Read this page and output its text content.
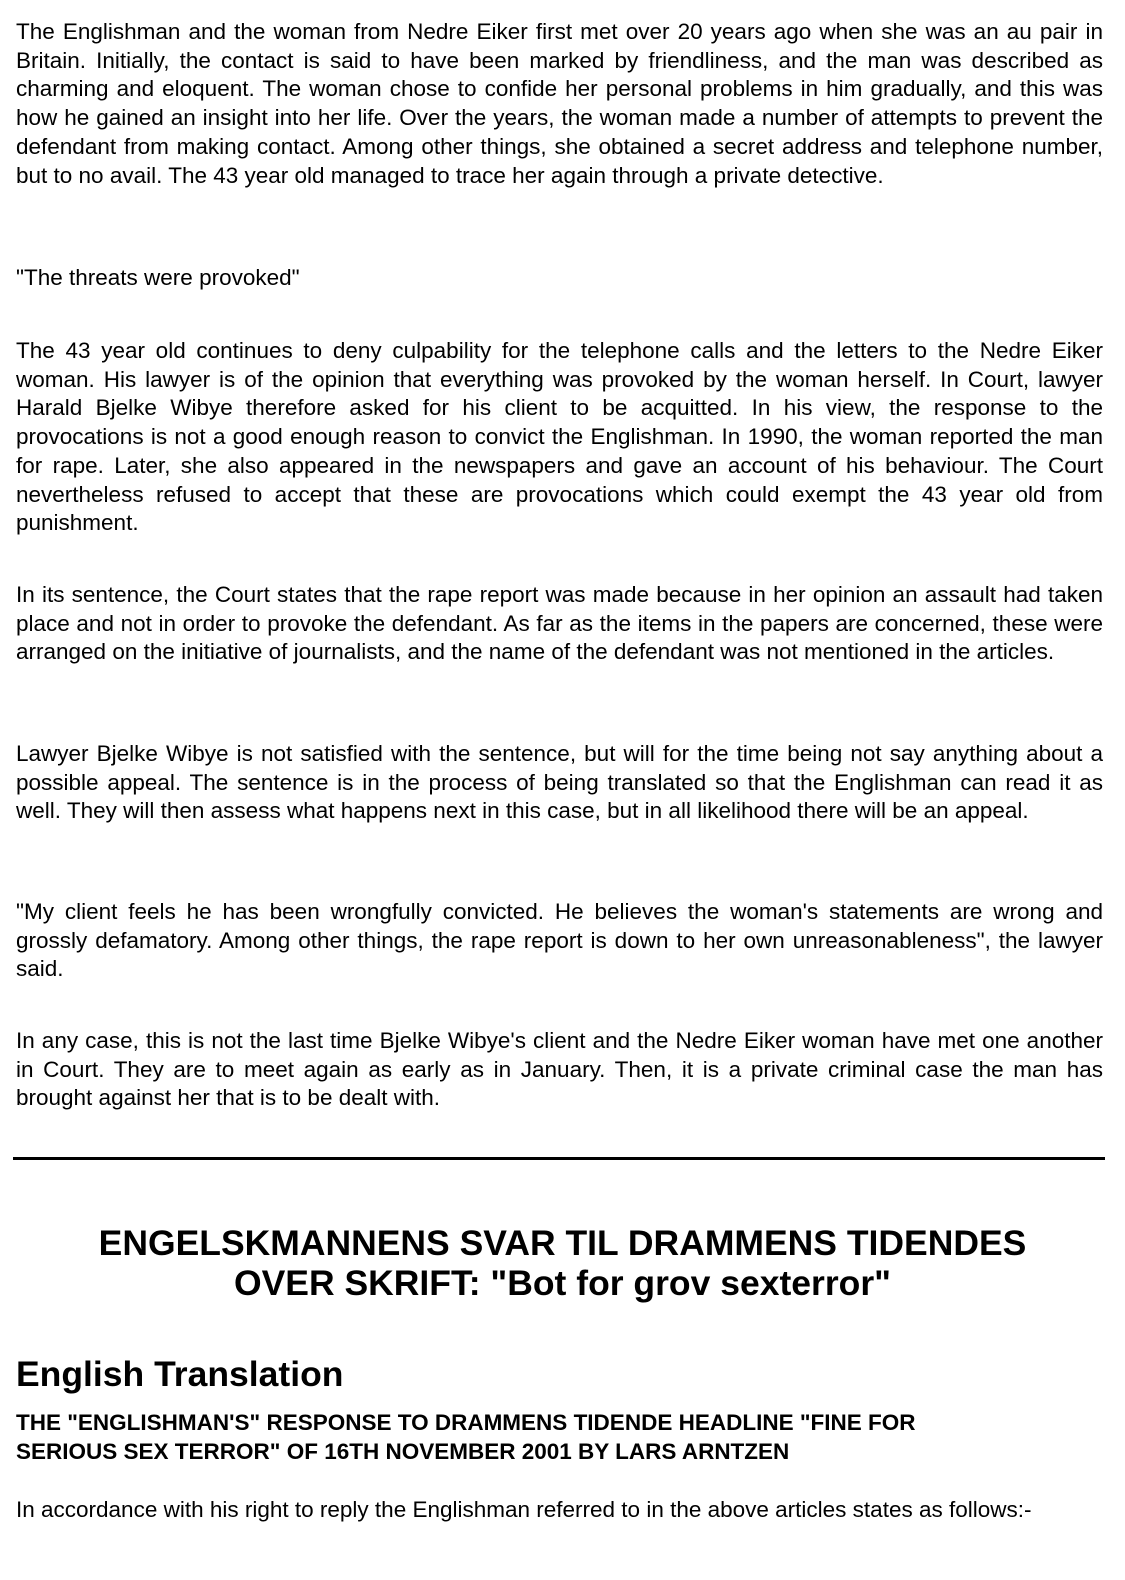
The Englishman and the woman from Nedre Eiker first met over 20 years ago when she was an au pair in Britain. Initially, the contact is said to have been marked by friendliness, and the man was described as charming and eloquent. The woman chose to confide her personal problems in him gradually, and this was how he gained an insight into her life. Over the years, the woman made a number of attempts to prevent the defendant from making contact. Among other things, she obtained a secret address and telephone number, but to no avail. The 43 year old managed to trace her again through a private detective.

"The threats were provoked"

The 43 year old continues to deny culpability for the telephone calls and the letters to the Nedre Eiker woman. His lawyer is of the opinion that everything was provoked by the woman herself. In Court, lawyer Harald Bjelke Wibye therefore asked for his client to be acquitted. In his view, the response to the provocations is not a good enough reason to convict the Englishman. In 1990, the woman reported the man for rape. Later, she also appeared in the newspapers and gave an account of his behaviour. The Court nevertheless refused to accept that these are provocations which could exempt the 43 year old from punishment.

In its sentence, the Court states that the rape report was made because in her opinion an assault had taken place and not in order to provoke the defendant. As far as the items in the papers are concerned, these were arranged on the initiative of journalists, and the name of the defendant was not mentioned in the articles.

Lawyer Bjelke Wibye is not satisfied with the sentence, but will for the time being not say anything about a possible appeal. The sentence is in the process of being translated so that the Englishman can read it as well. They will then assess what happens next in this case, but in all likelihood there will be an appeal.

"My client feels he has been wrongfully convicted. He believes the woman's statements are wrong and grossly defamatory. Among other things, the rape report is down to her own unreasonableness", the lawyer said.

In any case, this is not the last time Bjelke Wibye's client and the Nedre Eiker woman have met one another in Court. They are to meet again as early as in January. Then, it is a private criminal case the man has brought against her that is to be dealt with.

ENGELSKMANNENS SVAR TIL DRAMMENS TIDENDES
OVER SKRIFT: "Bot for grov sexterror"
English Translation
THE "ENGLISHMAN'S" RESPONSE TO DRAMMENS TIDENDE HEADLINE "FINE FOR
SERIOUS SEX TERROR" OF 16TH NOVEMBER 2001 BY LARS ARNTZEN

In accordance with his right to reply the Englishman referred to in the above articles states as follows:-
